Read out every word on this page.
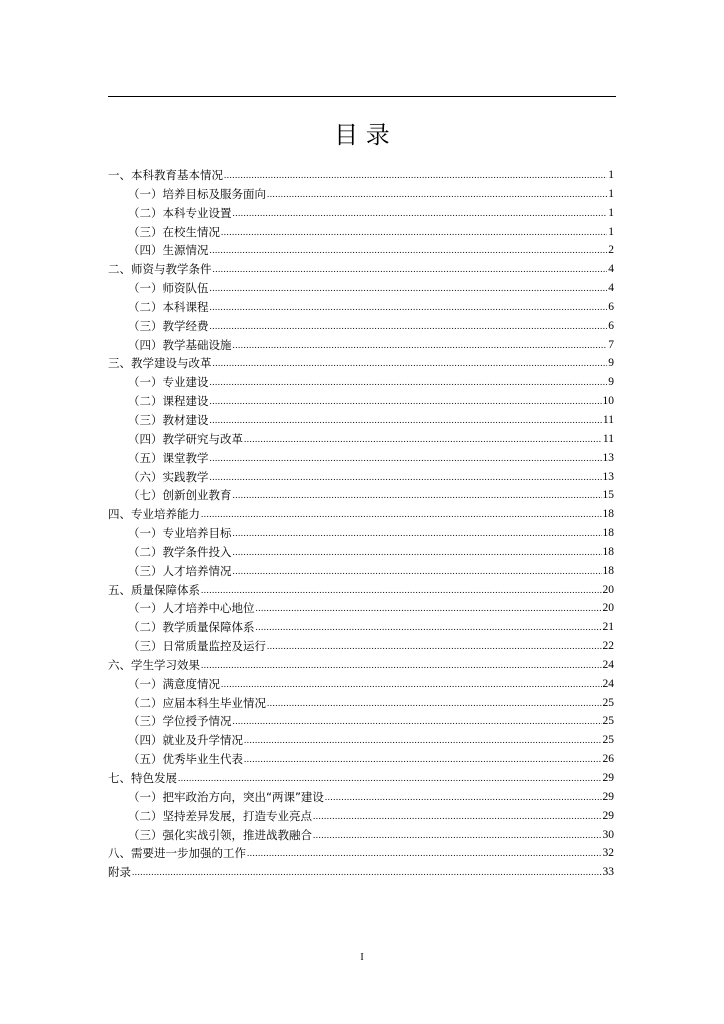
目 录
一、本科教育基本情况 .....	1
（一）培养目标及服务面向 .....	1
（二）本科专业设置 .....	1
（三）在校生情况 .....	1
（四）生源情况 .....	2
二、师资与教学条件 .....	4
（一）师资队伍 .....	4
（二）本科课程 .....	6
（三）教学经费 .....	6
（四）教学基础设施 .....	7
三、教学建设与改革 .....	9
（一）专业建设 .....	9
（二）课程建设 .....	10
（三）教材建设 .....	11
（四）教学研究与改革 .....	11
（五）课堂教学 .....	13
（六）实践教学 .....	13
（七）创新创业教育 .....	15
四、专业培养能力 .....	18
（一）专业培养目标 .....	18
（二）教学条件投入 .....	18
（三）人才培养情况 .....	18
五、质量保障体系 .....	20
（一）人才培养中心地位 .....	20
（二）教学质量保障体系 .....	21
（三）日常质量监控及运行 .....	22
六、学生学习效果 .....	24
（一）满意度情况 .....	24
（二）应届本科生毕业情况 .....	25
（三）学位授予情况 .....	25
（四）就业及升学情况 .....	25
（五）优秀毕业生代表 .....	26
七、特色发展 .....	29
（一）把牢政治方向，突出“两课”建设 .....	29
（二）坚持差异发展，打造专业亮点 .....	29
（三）强化实战引领，推进战教融合 .....	30
八、需要进一步加强的工作 .....	32
附录 .....	33
I
